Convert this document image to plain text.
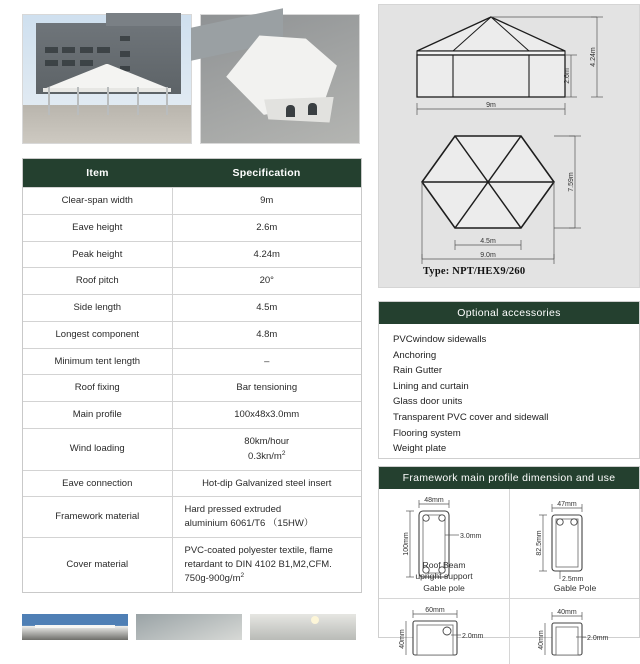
Item	Specification
Clear-span width	9m
Eave height	2.6m
Peak height	4.24m
Roof pitch	20°
Side length	4.5m
Longest component	4.8m
Minimum tent length	–
Roof fixing	Bar tensioning
Main profile	100x48x3.0mm
Wind loading	80km/hour
$0.3kn/m^2$

Eave connection	Hot-dip Galvanized steel insert
Framework material	Hard pressed extruded
aluminium 6061/T6 （15HW）

Cover material	PVC-coated polyester textile, flame
retardant to DIN 4102 B1,M2,CFM.
$750g-900g/m^2$
2.6m
4.24m
9m
7.59m
4.5m
9.0m
Type: NPT/HEX9/260
Optional accessories
PVCwindow sidewalls
Anchoring
Rain Gutter
Lining and curtain
Glass door units
Transparent PVC cover and sidewall
Flooring system
Weight plate
Framework main profile dimension and use
48mm
100mm	3.0mm
Roof Beam
upright support
Gable pole
47mm
82.5mm
2.5mm
Gable Pole
60mm
40mm	2.0mm
40mm
40mm	2.0mm
